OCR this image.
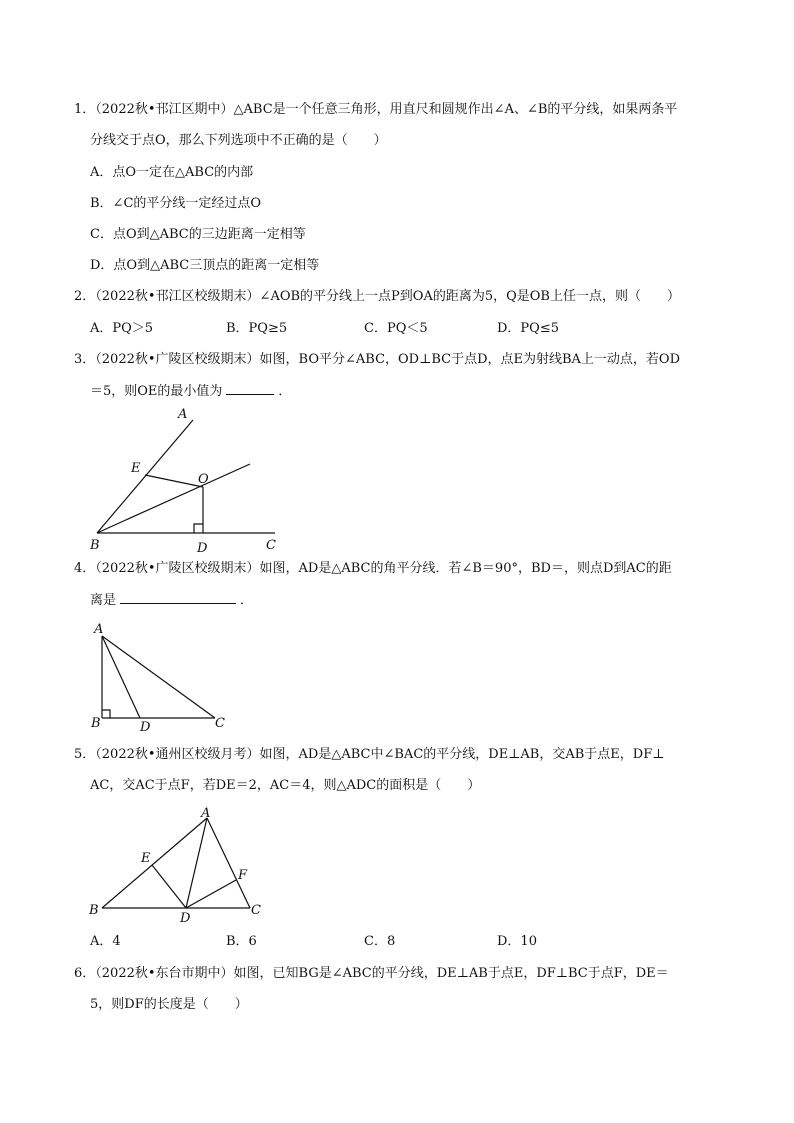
1．（2022秋•邗江区期中）△ABC是一个任意三角形，用直尺和圆规作出∠A、∠B的平分线，如果两条平
分线交于点O，那么下列选项中不正确的是（　　）
A．点O一定在△ABC的内部
B．∠C的平分线一定经过点O
C．点O到△ABC的三边距离一定相等
D．点O到△ABC三顶点的距离一定相等
2．（2022秋•邗江区校级期末）∠AOB的平分线上一点P到OA的距离为5，Q是OB上任一点，则（　　）
A．PQ＞5	B．PQ≥5	C．PQ＜5	D．PQ≤5
3．（2022秋•广陵区校级期末）如图，BO平分∠ABC，OD⊥BC于点D，点E为射线BA上一动点，若OD
＝5，则OE的最小值为	．
A
E
O
B	D	C
4．（2022秋•广陵区校级期末）如图，AD是△ABC的角平分线．若∠B＝90°，BD＝，则点D到AC的距
离是	．
A
B	D	C
5．（2022秋•通州区校级月考）如图，AD是△ABC中∠BAC的平分线，DE⊥AB，交AB于点E，DF⊥
AC，交AC于点F，若DE＝2，AC＝4，则△ADC的面积是（　　）
A
E
F
B
D
C
A．4	B．6	C．8	D．10
6．（2022秋•东台市期中）如图，已知BG是∠ABC的平分线，DE⊥AB于点E，DF⊥BC于点F，DE＝
5，则DF的长度是（　　）
